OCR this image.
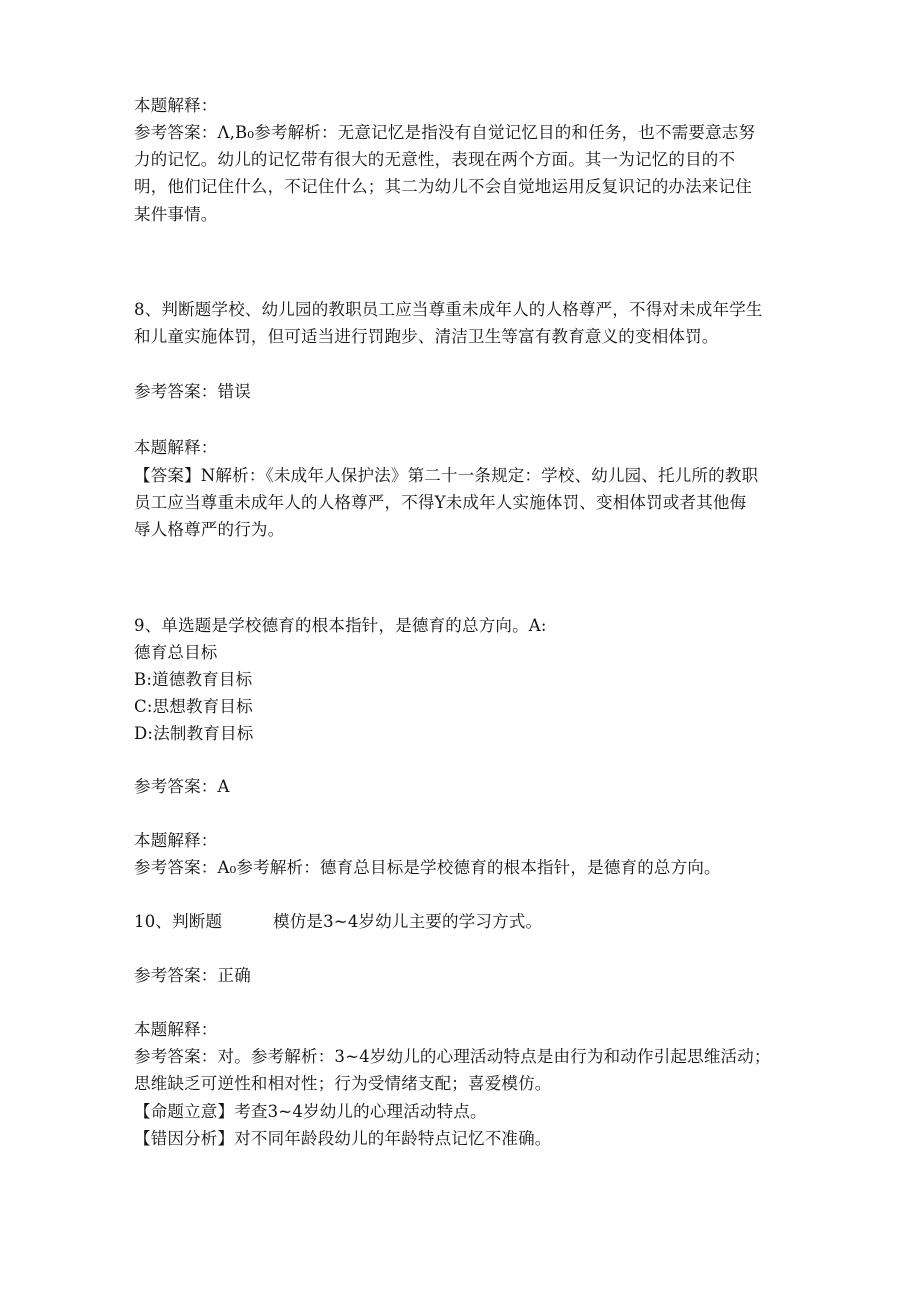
本题解释：
参考答案：Λ,B₀参考解析：无意记忆是指没有自觉记忆目的和任务，也不需要意志努
力的记忆。幼儿的记忆带有很大的无意性，表现在两个方面。其一为记忆的目的不
明，他们记住什么，不记住什么；其二为幼儿不会自觉地运用反复识记的办法来记住
某件事情。
8、判断题学校、幼儿园的教职员工应当尊重未成年人的人格尊严，不得对未成年学生
和儿童实施体罚，但可适当进行罚跑步、清洁卫生等富有教育意义的变相体罚。
参考答案：错误
本题解释：
【答案】N解析：《未成年人保护法》第二十一条规定：学校、幼儿园、托儿所的教职
员工应当尊重未成年人的人格尊严，不得Y未成年人实施体罚、变相体罚或者其他侮
辱人格尊严的行为。
9、单选题是学校德育的根本指针，是德育的总方向。A:
德育总目标
B:道德教育目标
C:思想教育目标
D:法制教育目标
参考答案：A
本题解释：
参考答案：A₀参考解析：德育总目标是学校德育的根本指针，是德育的总方向。
10、判断题	模仿是3~4岁幼儿主要的学习方式。
参考答案：正确
本题解释：
参考答案：对。参考解析：3~4岁幼儿的心理活动特点是由行为和动作引起思维活动；
思维缺乏可逆性和相对性；行为受情绪支配；喜爱模仿。
【命题立意】考查3~4岁幼儿的心理活动特点。
【错因分析】对不同年龄段幼儿的年龄特点记忆不准确。
